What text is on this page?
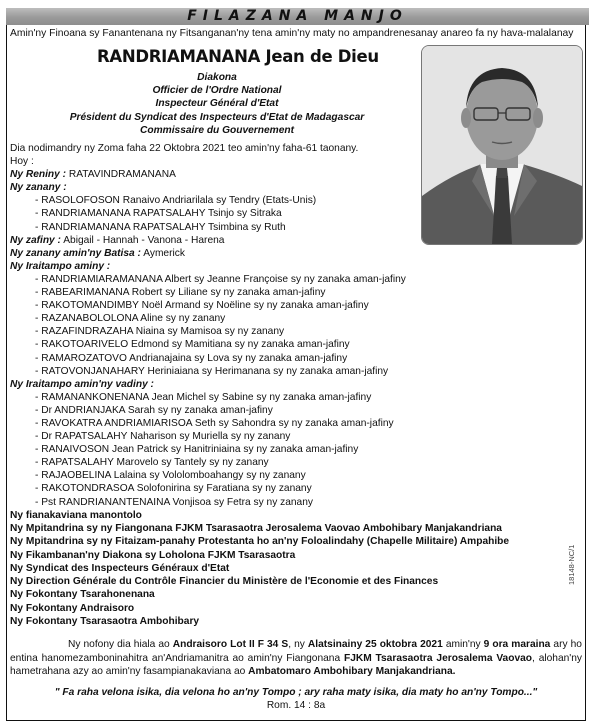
FILAZANA MANJO
Amin'ny Finoana sy Fanantenana ny Fitsanganan'ny tena amin'ny maty no ampandrenesanay anareo fa ny hava-malalanay
RANDRIAMANANA Jean de Dieu
Diakona
Officier de l'Ordre National
Inspecteur Général d'Etat
Président du Syndicat des Inspecteurs d'Etat de Madagascar
Commissaire du Gouvernement
Dia nodimandry ny Zoma faha 22 Oktobra 2021 teo amin'ny faha-61 taonany.
Hoy :
Ny Reniny : RATAVINDRAMANANA
Ny zanany :
- RASOLOFOSON Ranaivo Andriarilala sy Tendry (Etats-Unis)
- RANDRIAMANANA RAPATSALAHY Tsinjo sy Sitraka
- RANDRIAMANANA RAPATSALAHY Tsimbina sy Ruth
Ny zafiny : Abigail - Hannah - Vanona - Harena
Ny zanany amin'ny Batisa : Aymerick
Ny Iraitampo aminy :
- RANDRIAMIARAMANANA Albert sy Jeanne Françoise sy ny zanaka aman-jafiny
- RABEARIMANANA Robert sy Liliane sy ny zanaka aman-jafiny
- RAKOTOMANDIMBY Noël Armand sy Noëline sy ny zanaka aman-jafiny
- RAZANABOLOLONA Aline sy ny zanany
- RAZAFINDRAZAHA Niaina sy Mamisoa sy ny zanany
- RAKOTOARIVELO Edmond sy Mamitiana sy ny zanaka aman-jafiny
- RAMAROZATOVO Andrianajaina sy Lova sy ny zanaka aman-jafiny
- RATOVONJANAHARY Heriniaiana sy Herimanana sy ny zanaka aman-jafiny
Ny Iraitampo amin'ny vadiny :
- RAMANANKONENANA Jean Michel sy Sabine sy ny zanaka aman-jafiny
- Dr ANDRIANJAKA Sarah sy ny zanaka aman-jafiny
- RAVOKATRA ANDRIAMIARISOA Seth sy Sahondra sy ny zanaka aman-jafiny
- Dr RAPATSALAHY Naharison sy Muriella sy ny zanany
- RANAIVOSON Jean Patrick sy Hanitriniaina sy ny zanaka aman-jafiny
- RAPATSALAHY Marovelo sy Tantely sy ny zanany
- RAJAOBELINA Lalaina sy Vololomboahangy sy ny zanany
- RAKOTONDRASOA Solofonirina sy Faratiana sy ny zanany
- Pst RANDRIANANTENAINA Vonjisoa sy Fetra sy ny zanany
Ny fianakaviana manontolo
Ny Mpitandrina sy ny Fiangonana FJKM Tsarasaotra Jerosalema Vaovao Ambohibary Manjakandriana
Ny Mpitandrina sy ny Fitaizam-panahy Protestanta ho an'ny Foloalindahy (Chapelle Militaire) Ampahibe
Ny Fikambanan'ny Diakona sy Loholona FJKM Tsarasaotra
Ny Syndicat des Inspecteurs Généraux d'Etat
Ny Direction Générale du Contrôle Financier du Ministère de l'Economie et des Finances
Ny Fokontany Tsarahonenana
Ny Fokontany Andraisoro
Ny Fokontany Tsarasaotra Ambohibary
18148-NC/1
Ny nofony dia hiala ao Andraisoro Lot II F 34 S, ny Alatsinainy 25 oktobra 2021 amin'ny 9 ora maraina ary ho entina hanomezamboninahitra an'Andriamanitra ao amin'ny Fiangonana FJKM Tsarasaotra Jerosalema Vaovao, alohan'ny hametrahana azy ao amin'ny fasampianakaviana ao Ambatomaro Ambohibary Manjakandriana.
" Fa raha velona isika, dia velona ho an'ny Tompo ; ary raha maty isika, dia maty ho an'ny Tompo..."
Rom. 14 : 8a
